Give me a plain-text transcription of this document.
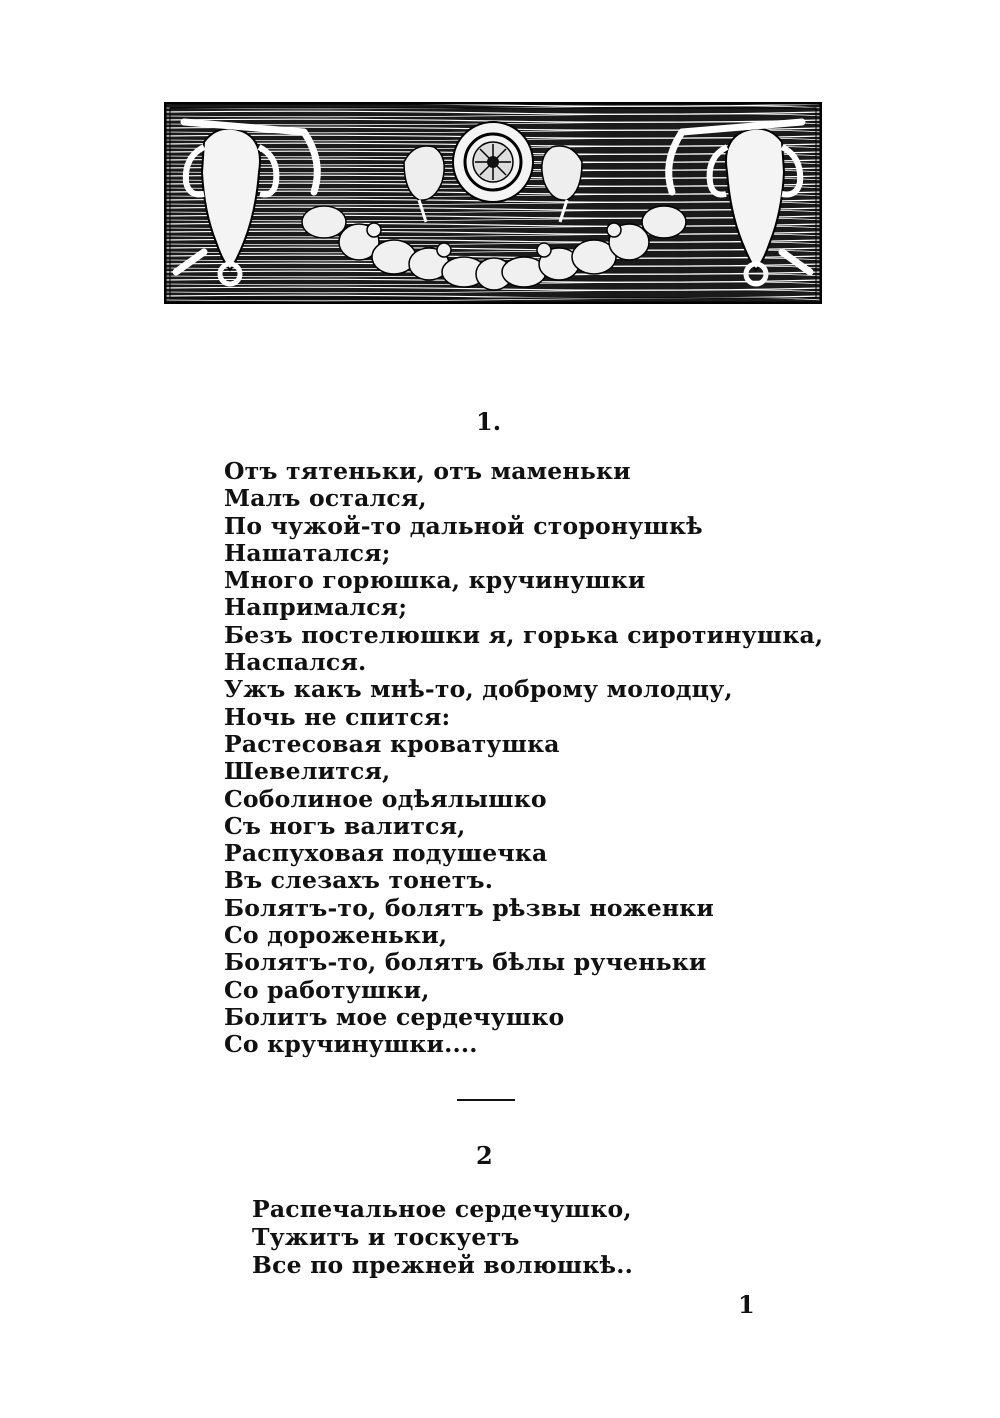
1.
Отъ тятеньки, отъ маменьки
Малъ остался,
По чужой-то дальной сторонушкѣ
Нашатался;
Много горюшка, кручинушки
Напримался;
Безъ постелюшки я, горька сиротинушка,
Наспался.
Ужъ какъ мнѣ-то, доброму молодцу,
Ночь не спится:
Растесовая кроватушка
Шевелится,
Соболиное одѣялышко
Съ ногъ валится,
Распуховая подушечка
Въ слезахъ тонетъ.
Болятъ-то, болятъ рѣзвы ноженки
Со дороженьки,
Болятъ-то, болятъ бѣлы рученьки
Со работушки,
Болитъ мое сердечушко
Со кручинушки....
2
Распечальное сердечушко,
Тужитъ и тоскуетъ
Все по прежней волюшкѣ..
1
